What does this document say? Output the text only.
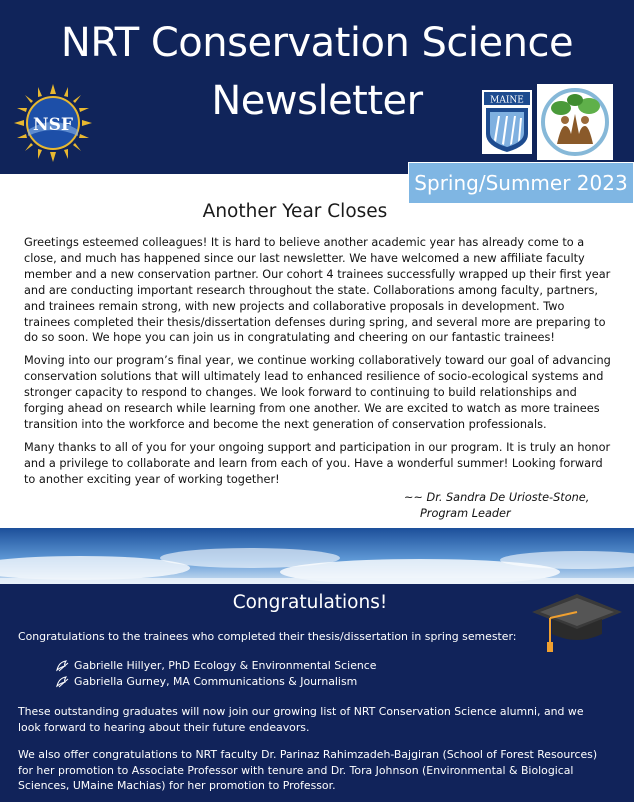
NRT Conservation Science
Newsletter
NSF
MAINE
Spring/Summer 2023
Another Year Closes

Greetings esteemed colleagues! It is hard to believe another academic year has already come to a close, and much has happened since our last newsletter. We have welcomed a new affiliate faculty member and a new conservation partner. Our cohort 4 trainees successfully wrapped up their first year and are conducting important research throughout the state. Collaborations among faculty, partners, and trainees remain strong, with new projects and collaborative proposals in development. Two trainees completed their thesis/dissertation defenses during spring, and several more are preparing to do so soon. We hope you can join us in congratulating and cheering on our fantastic trainees!

Moving into our program’s final year, we continue working collaboratively toward our goal of advancing conservation solutions that will ultimately lead to enhanced resilience of socio-ecological systems and stronger capacity to respond to changes. We look forward to continuing to build relationships and forging ahead on research while learning from one another. We are excited to watch as more trainees transition into the workforce and become the next generation of conservation professionals.

Many thanks to all of you for your ongoing support and participation in our program. It is truly an honor and a privilege to collaborate and learn from each of you. Have a wonderful summer! Looking forward to another exciting year of working together!

~~ Dr. Sandra De Urioste-Stone,
Program Leader
Congratulations!
Congratulations to the trainees who completed their thesis/dissertation in spring semester:
Gabrielle Hillyer, PhD Ecology & Environmental Science
Gabriella Gurney, MA Communications & Journalism
These outstanding graduates will now join our growing list of NRT Conservation Science alumni, and we look forward to hearing about their future endeavors.
We also offer congratulations to NRT faculty Dr. Parinaz Rahimzadeh-Bajgiran (School of Forest Resources) for her promotion to Associate Professor with tenure and Dr. Tora Johnson (Environmental & Biological Sciences, UMaine Machias) for her promotion to Professor.
